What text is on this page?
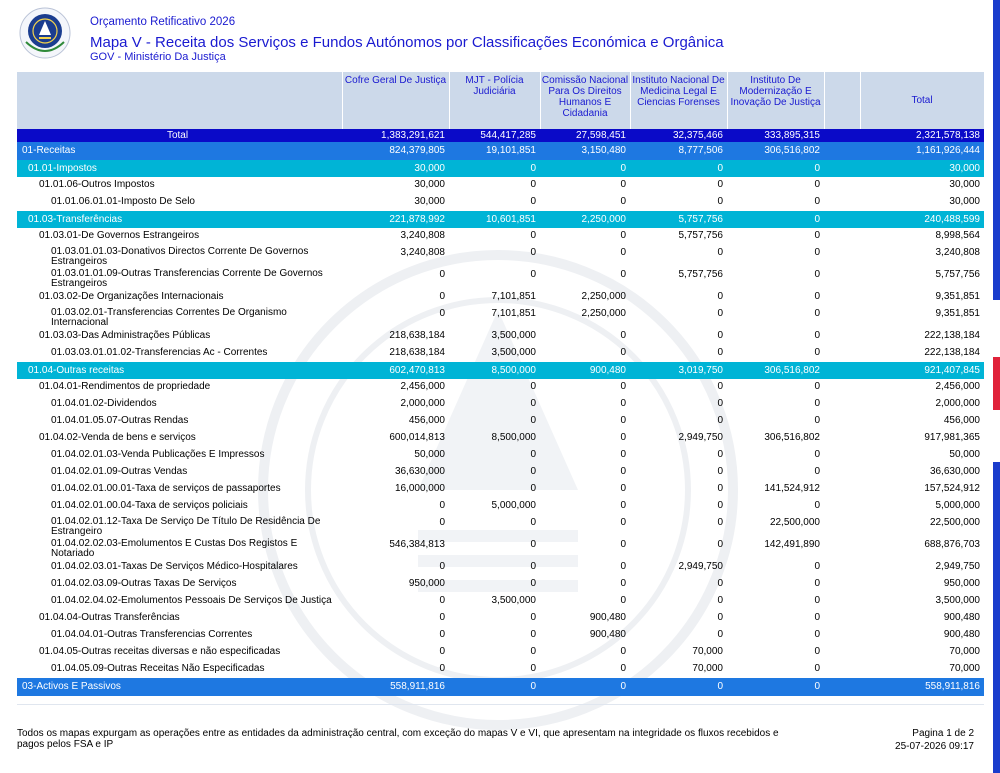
Orçamento Retificativo 2026
Mapa V - Receita dos Serviços e Fundos Autónomos por Classificações Económica e Orgânica
GOV - Ministério Da Justiça
	Cofre Geral De Justiça	MJT - Polícia Judiciária	Comissão Nacional Para Os Direitos Humanos E Cidadania	Instituto Nacional De Medicina Legal E Ciencias Forenses	Instituto De Modernização E Inovação De Justiça		Total
Total	1,383,291,621	544,417,285	27,598,451	32,375,466	333,895,315		2,321,578,138
01-Receitas	824,379,805	19,101,851	3,150,480	8,777,506	306,516,802		1,161,926,444
01.01-Impostos	30,000	0	0	0	0		30,000
01.01.06-Outros Impostos	30,000	0	0	0	0		30,000
01.01.06.01.01-Imposto De Selo	30,000	0	0	0	0		30,000
01.03-Transferências	221,878,992	10,601,851	2,250,000	5,757,756	0		240,488,599
01.03.01-De Governos Estrangeiros	3,240,808	0	0	5,757,756	0		8,998,564
01.03.01.01.03-Donativos Directos Corrente De Governos Estrangeiros	3,240,808	0	0	0	0		3,240,808
01.03.01.01.09-Outras Transferencias Corrente De Governos Estrangeiros	0	0	0	5,757,756	0		5,757,756
01.03.02-De Organizações Internacionais	0	7,101,851	2,250,000	0	0		9,351,851
01.03.02.01-Transferencias Correntes De Organismo Internacional	0	7,101,851	2,250,000	0	0		9,351,851
01.03.03-Das Administrações Públicas	218,638,184	3,500,000	0	0	0		222,138,184
01.03.03.01.01.02-Transferencias Ac - Correntes	218,638,184	3,500,000	0	0	0		222,138,184
01.04-Outras receitas	602,470,813	8,500,000	900,480	3,019,750	306,516,802		921,407,845
01.04.01-Rendimentos de propriedade	2,456,000	0	0	0	0		2,456,000
01.04.01.02-Dividendos	2,000,000	0	0	0	0		2,000,000
01.04.01.05.07-Outras Rendas	456,000	0	0	0	0		456,000
01.04.02-Venda de bens e serviços	600,014,813	8,500,000	0	2,949,750	306,516,802		917,981,365
01.04.02.01.03-Venda Publicações E Impressos	50,000	0	0	0	0		50,000
01.04.02.01.09-Outras Vendas	36,630,000	0	0	0	0		36,630,000
01.04.02.01.00.01-Taxa de serviços de passaportes	16,000,000	0	0	0	141,524,912		157,524,912
01.04.02.01.00.04-Taxa de serviços policiais	0	5,000,000	0	0	0		5,000,000
01.04.02.01.12-Taxa De Serviço De Título De Residência De Estrangeiro	0	0	0	0	22,500,000		22,500,000
01.04.02.02.03-Emolumentos E Custas Dos Registos E Notariado	546,384,813	0	0	0	142,491,890		688,876,703
01.04.02.03.01-Taxas De Serviços Médico-Hospitalares	0	0	0	2,949,750	0		2,949,750
01.04.02.03.09-Outras Taxas De Serviços	950,000	0	0	0	0		950,000
01.04.02.04.02-Emolumentos Pessoais De Serviços De Justiça	0	3,500,000	0	0	0		3,500,000
01.04.04-Outras Transferências	0	0	900,480	0	0		900,480
01.04.04.01-Outras Transferencias Correntes	0	0	900,480	0	0		900,480
01.04.05-Outras receitas diversas e não especificadas	0	0	0	70,000	0		70,000
01.04.05.09-Outras Receitas Não Especificadas	0	0	0	70,000	0		70,000
03-Activos E Passivos	558,911,816	0	0	0	0		558,911,816
Todos os mapas expurgam as operações entre as entidades da administração central, com exceção do mapas V e VI, que apresentam na integridade os fluxos recebidos e pagos pelos FSA e IP
Pagina 1 de 2
25-07-2026 09:17
